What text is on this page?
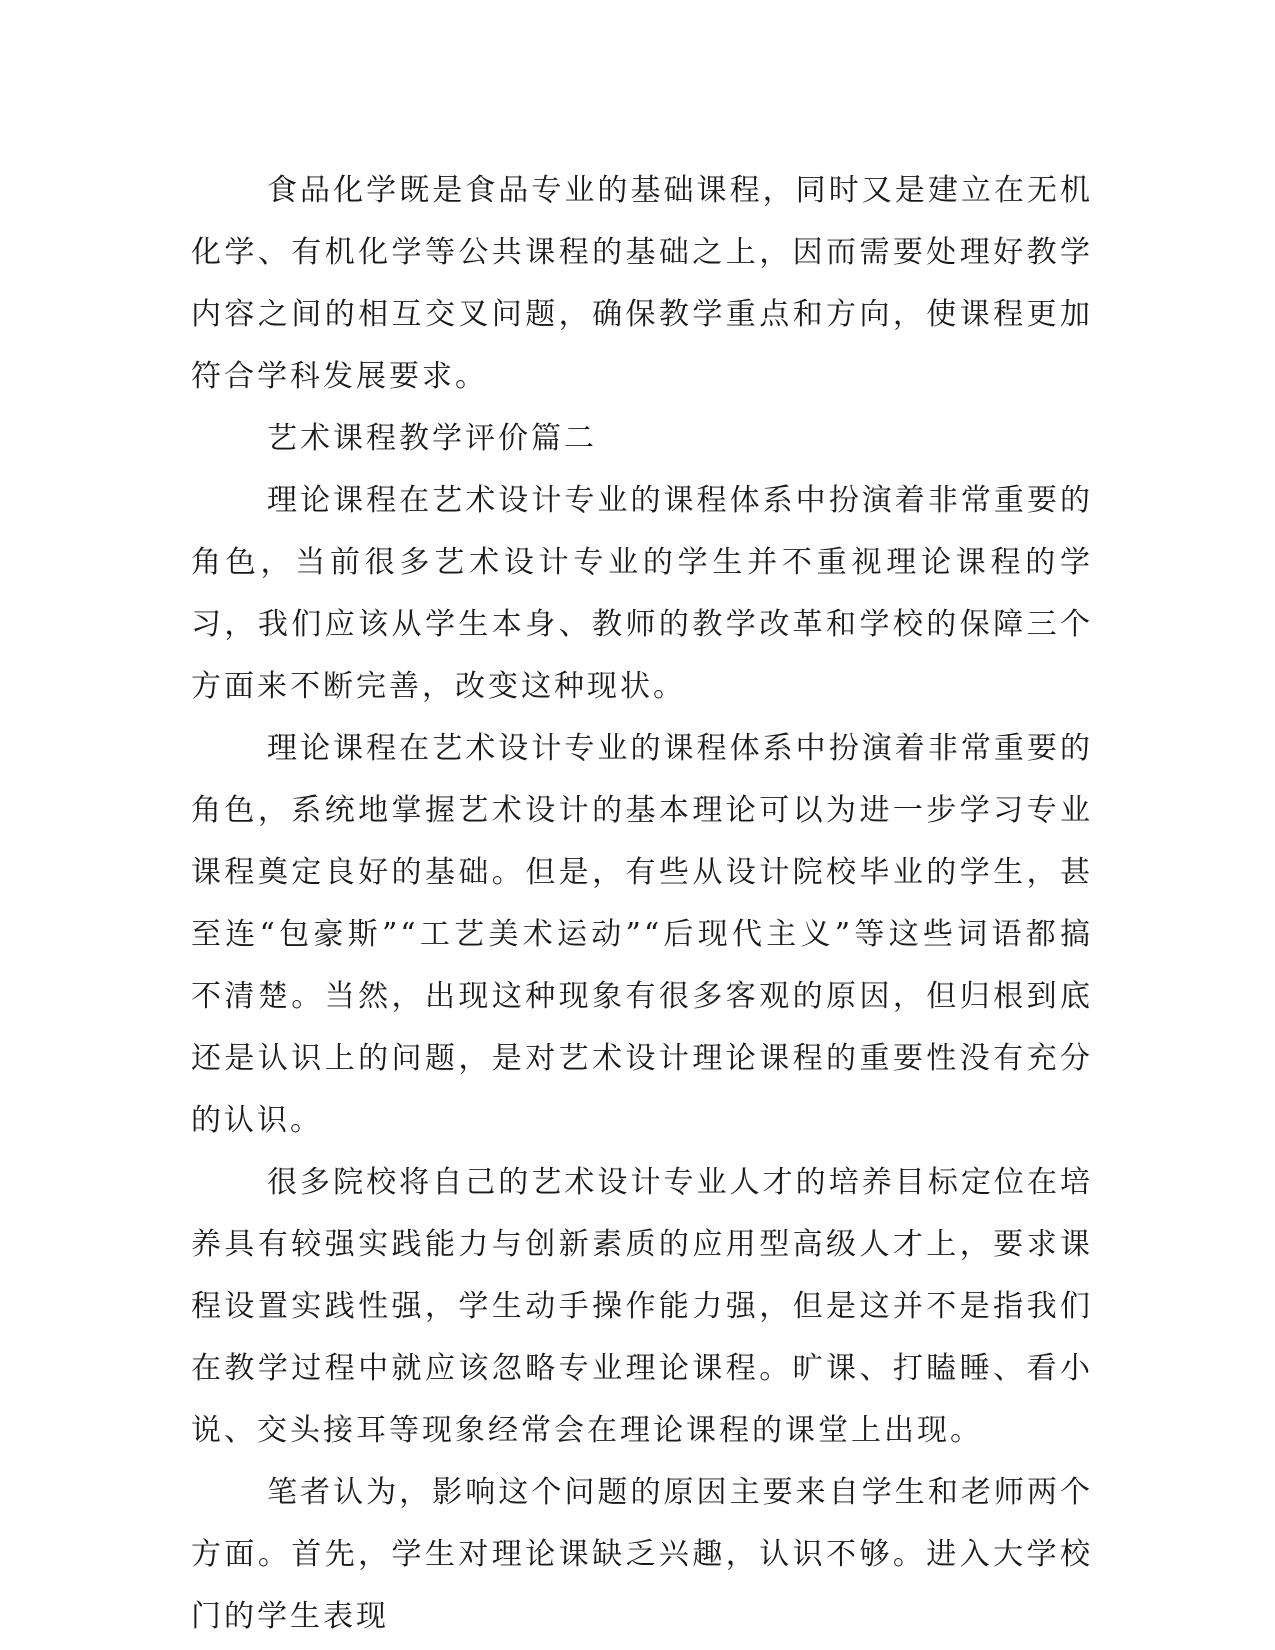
食品化学既是食品专业的基础课程，同时又是建立在无机化学、有机化学等公共课程的基础之上，因而需要处理好教学内容之间的相互交叉问题，确保教学重点和方向，使课程更加符合学科发展要求。

艺术课程教学评价篇二

理论课程在艺术设计专业的课程体系中扮演着非常重要的角色，当前很多艺术设计专业的学生并不重视理论课程的学习，我们应该从学生本身、教师的教学改革和学校的保障三个方面来不断完善，改变这种现状。

理论课程在艺术设计专业的课程体系中扮演着非常重要的角色，系统地掌握艺术设计的基本理论可以为进一步学习专业课程奠定良好的基础。但是，有些从设计院校毕业的学生，甚至连“包豪斯”“工艺美术运动”“后现代主义”等这些词语都搞不清楚。当然，出现这种现象有很多客观的原因，但归根到底还是认识上的问题，是对艺术设计理论课程的重要性没有充分的认识。

很多院校将自己的艺术设计专业人才的培养目标定位在培养具有较强实践能力与创新素质的应用型高级人才上，要求课程设置实践性强，学生动手操作能力强，但是这并不是指我们在教学过程中就应该忽略专业理论课程。旷课、打瞌睡、看小说、交头接耳等现象经常会在理论课程的课堂上出现。

笔者认为，影响这个问题的原因主要来自学生和老师两个方面。首先，学生对理论课缺乏兴趣，认识不够。进入大学校门的学生表现
